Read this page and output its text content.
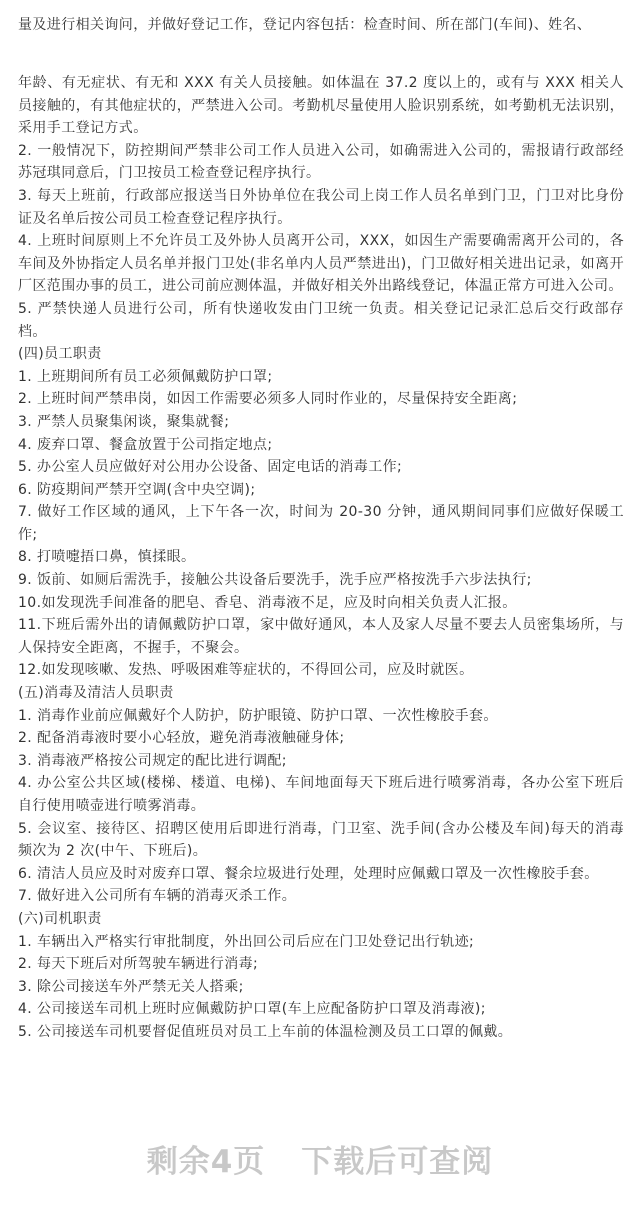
量及进行相关询问，并做好登记工作，登记内容包括：检查时间、所在部门(车间)、姓名、

年龄、有无症状、有无和 XXX 有关人员接触。如体温在 37.2 度以上的，或有与 XXX 相关人员接触的，有其他症状的，严禁进入公司。考勤机尽量使用人脸识别系统，如考勤机无法识别，采用手工登记方式。

2. 一般情况下，防控期间严禁非公司工作人员进入公司，如确需进入公司的，需报请行政部经苏冠琪同意后，门卫按员工检查登记程序执行。

3. 每天上班前，行政部应报送当日外协单位在我公司上岗工作人员名单到门卫，门卫对比身份证及名单后按公司员工检查登记程序执行。

4. 上班时间原则上不允许员工及外协人员离开公司，XXX，如因生产需要确需离开公司的，各车间及外协指定人员名单并报门卫处(非名单内人员严禁进出)，门卫做好相关进出记录，如离开厂区范围办事的员工，进公司前应测体温，并做好相关外出路线登记，体温正常方可进入公司。

5. 严禁快递人员进行公司，所有快递收发由门卫统一负责。相关登记记录汇总后交行政部存档。

(四)员工职责

1. 上班期间所有员工必须佩戴防护口罩;

2. 上班时间严禁串岗，如因工作需要必须多人同时作业的，尽量保持安全距离;

3. 严禁人员聚集闲谈，聚集就餐;

4. 废弃口罩、餐盒放置于公司指定地点;

5. 办公室人员应做好对公用办公设备、固定电话的消毒工作;

6. 防疫期间严禁开空调(含中央空调);

7. 做好工作区域的通风，上下午各一次，时间为 20-30 分钟，通风期间同事们应做好保暖工作;

8. 打喷嚏捂口鼻，慎揉眼。

9. 饭前、如厕后需洗手，接触公共设备后要洗手，洗手应严格按洗手六步法执行;

10.如发现洗手间准备的肥皂、香皂、消毒液不足，应及时向相关负责人汇报。

11.下班后需外出的请佩戴防护口罩，家中做好通风，本人及家人尽量不要去人员密集场所，与人保持安全距离，不握手，不聚会。

12.如发现咳嗽、发热、呼吸困难等症状的，不得回公司，应及时就医。

(五)消毒及清洁人员职责

1. 消毒作业前应佩戴好个人防护，防护眼镜、防护口罩、一次性橡胶手套。

2. 配备消毒液时要小心轻放，避免消毒液触碰身体;

3. 消毒液严格按公司规定的配比进行调配;

4. 办公室公共区域(楼梯、楼道、电梯)、车间地面每天下班后进行喷雾消毒，各办公室下班后自行使用喷壶进行喷雾消毒。

5. 会议室、接待区、招聘区使用后即进行消毒，门卫室、洗手间(含办公楼及车间)每天的消毒频次为 2 次(中午、下班后)。

6. 清洁人员应及时对废弃口罩、餐余垃圾进行处理，处理时应佩戴口罩及一次性橡胶手套。

7. 做好进入公司所有车辆的消毒灭杀工作。

(六)司机职责

1. 车辆出入严格实行审批制度，外出回公司后应在门卫处登记出行轨迹;

2. 每天下班后对所驾驶车辆进行消毒;

3. 除公司接送车外严禁无关人搭乘;

4. 公司接送车司机上班时应佩戴防护口罩(车上应配备防护口罩及消毒液);

5. 公司接送车司机要督促值班员对员工上车前的体温检测及员工口罩的佩戴。

剩余4页 下载后可查阅
